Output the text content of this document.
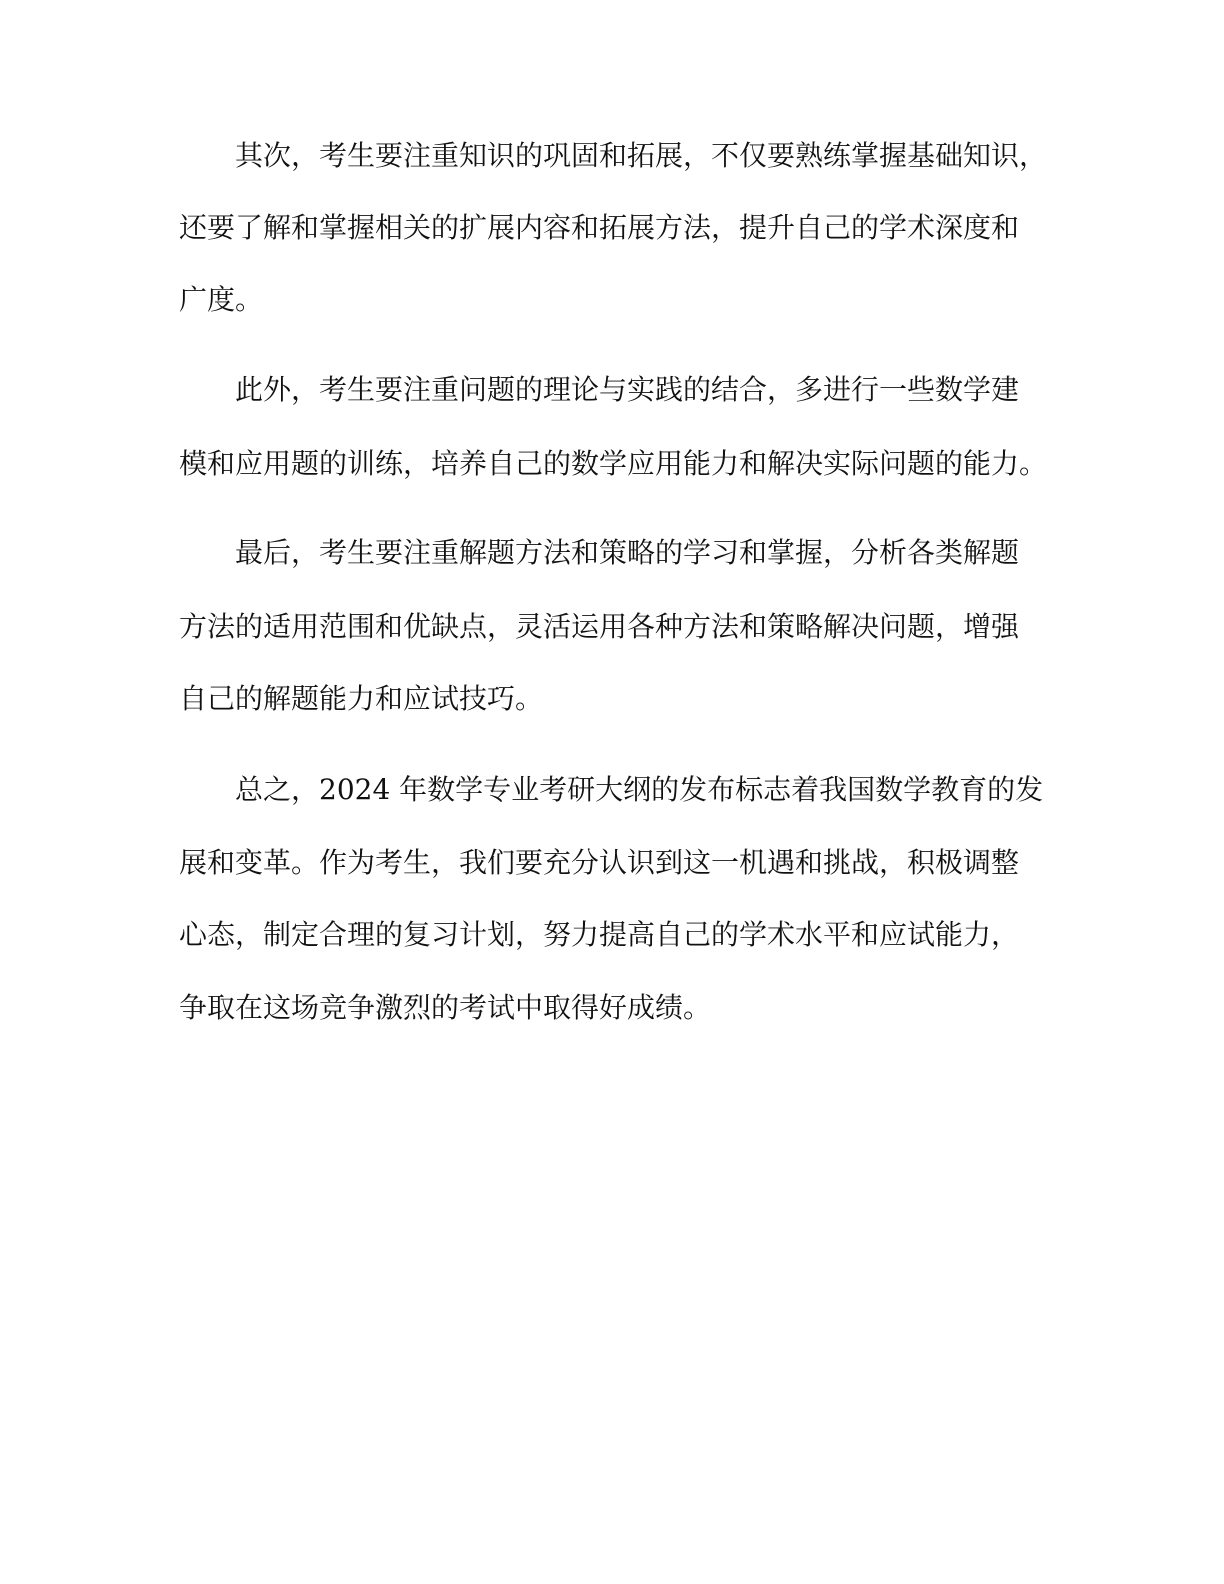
其次，考生要注重知识的巩固和拓展，不仅要熟练掌握基础知识，
还要了解和掌握相关的扩展内容和拓展方法，提升自己的学术深度和
广度。
此外，考生要注重问题的理论与实践的结合，多进行一些数学建
模和应用题的训练，培养自己的数学应用能力和解决实际问题的能力。
最后，考生要注重解题方法和策略的学习和掌握，分析各类解题
方法的适用范围和优缺点，灵活运用各种方法和策略解决问题，增强
自己的解题能力和应试技巧。
总之，2024 年数学专业考研大纲的发布标志着我国数学教育的发
展和变革。作为考生，我们要充分认识到这一机遇和挑战，积极调整
心态，制定合理的复习计划，努力提高自己的学术水平和应试能力，
争取在这场竞争激烈的考试中取得好成绩。
